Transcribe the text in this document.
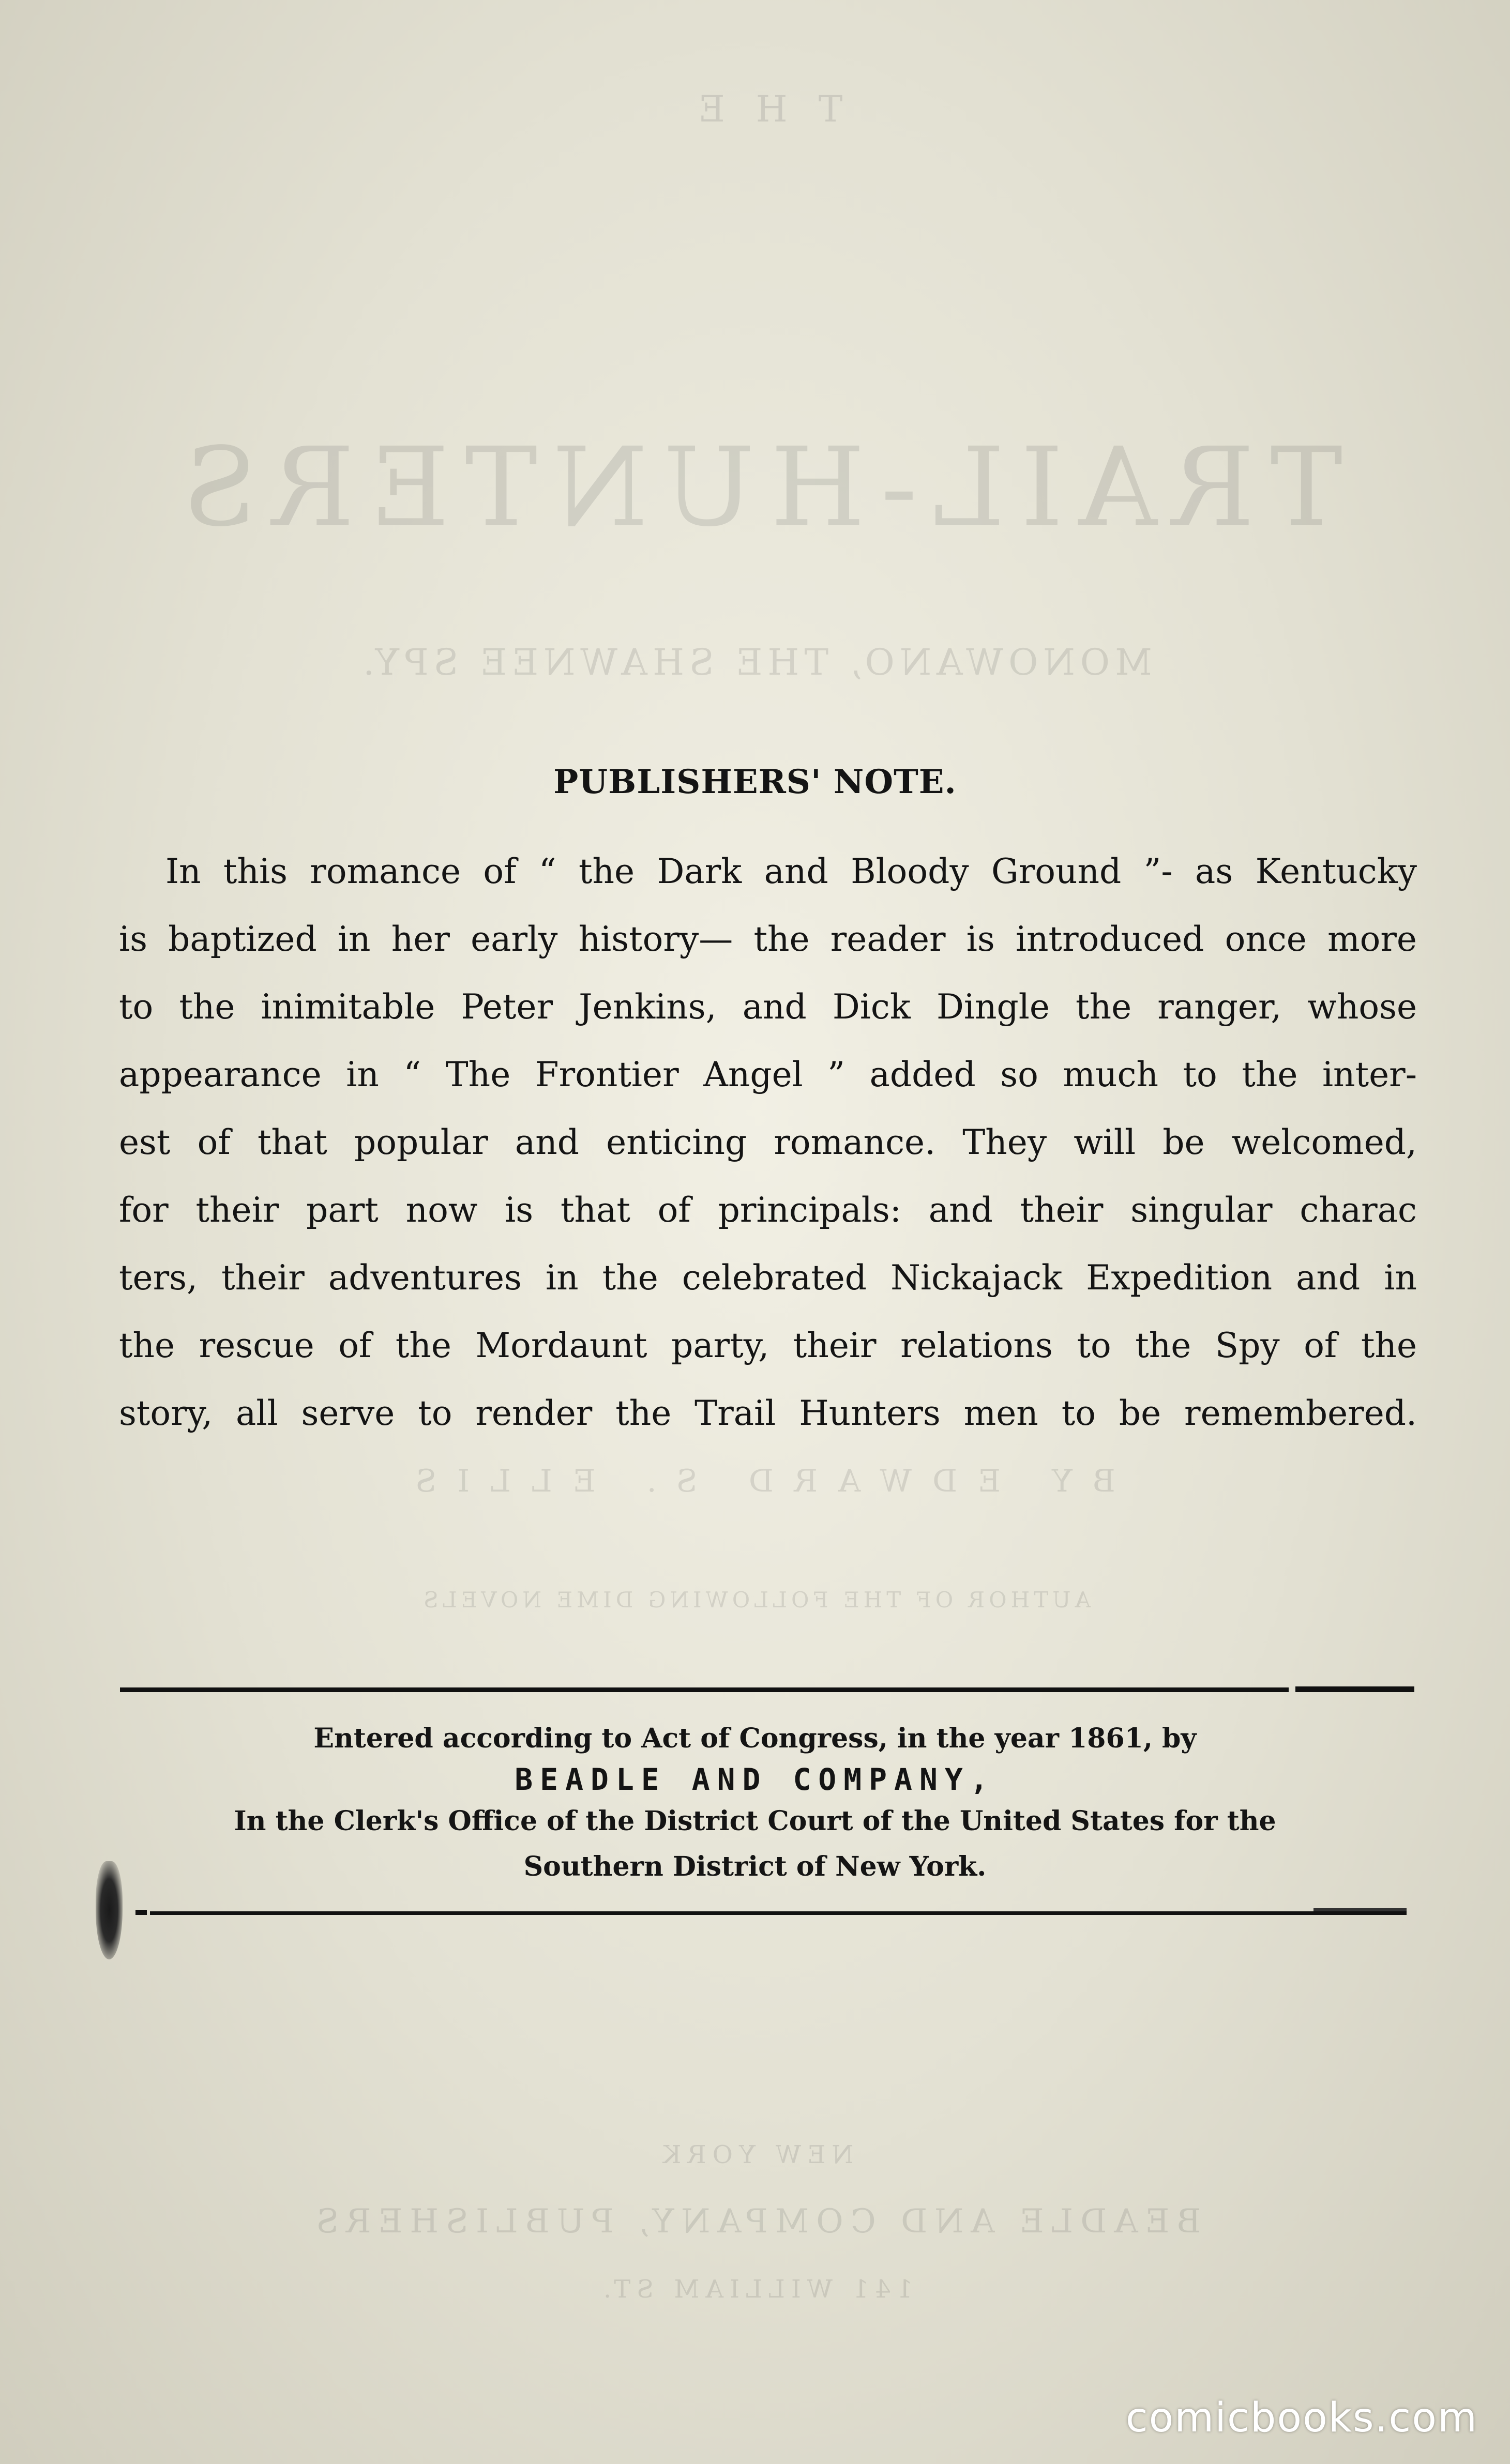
THE
TRAIL-HUNTERS
MONOWANO, THE SHAWNEE SPY.
BY EDWARD S. ELLIS
AUTHOR OF THE FOLLOWING DIME NOVELS
NEW YORK
BEADLE AND COMPANY, PUBLISHERS
141 WILLIAM ST.
PUBLISHERS' NOTE.
In this romance of “ the Dark and Bloody Ground ”- as Kentucky
is baptized in her early history— the reader is introduced once more
to the inimitable Peter Jenkins, and Dick Dingle the ranger, whose
appearance in “ The Frontier Angel ” added so much to the inter-
est of that popular and enticing romance. They will be welcomed,
for their part now is that of principals: and their singular charac
ters, their adventures in the celebrated Nickajack Expedition and in
the rescue of the Mordaunt party, their relations to the Spy of the
story, all serve to render the Trail Hunters men to be remembered.
Entered according to Act of Congress, in the year 1861, by
BEADLE AND COMPANY,
In the Clerk's Office of the District Court of the United States for the
Southern District of New York.
comicbooks.com
